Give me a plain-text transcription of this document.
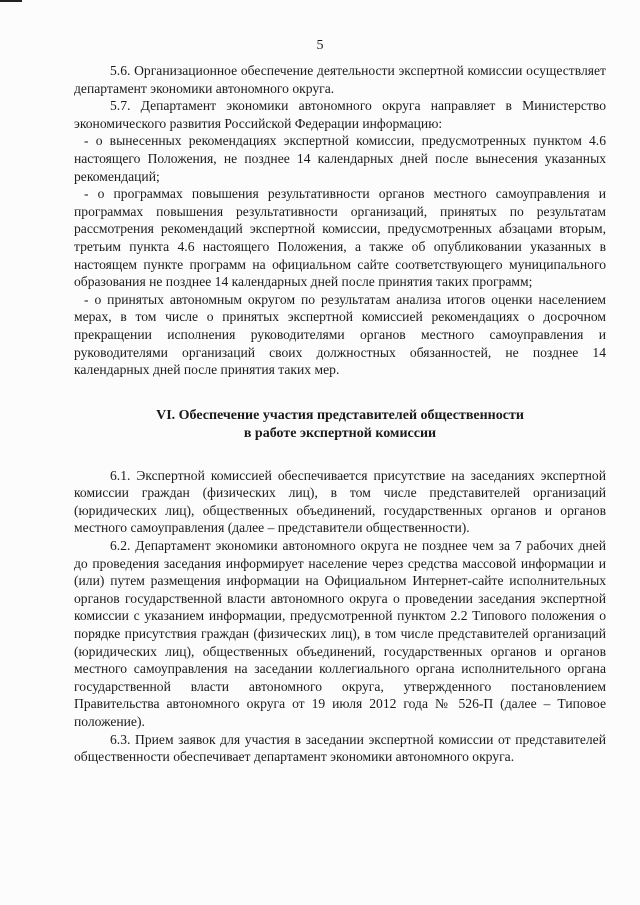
5

5.6. Организационное обеспечение деятельности экспертной комиссии осуществляет департамент экономики автономного округа.

5.7. Департамент экономики автономного округа направляет в Министерство экономического развития Российской Федерации информацию:

- о вынесенных рекомендациях экспертной комиссии, предусмотренных пунктом 4.6 настоящего Положения, не позднее 14 календарных дней после вынесения указанных рекомендаций;

- о программах повышения результативности органов местного самоуправления и программах повышения результативности организаций, принятых по результатам рассмотрения рекомендаций экспертной комиссии, предусмотренных абзацами вторым, третьим пункта 4.6 настоящего Положения, а также об опубликовании указанных в настоящем пункте программ на официальном сайте соответствующего муниципального образования не позднее 14 календарных дней после принятия таких программ;

- о принятых автономным округом по результатам анализа итогов оценки населением мерах, в том числе о принятых экспертной комиссией рекомендациях о досрочном прекращении исполнения руководителями органов местного самоуправления и руководителями организаций своих должностных обязанностей, не позднее 14 календарных дней после принятия таких мер.

VI. Обеспечение участия представителей общественности
в работе экспертной комиссии

6.1. Экспертной комиссией обеспечивается присутствие на заседаниях экспертной комиссии граждан (физических лиц), в том числе представителей организаций (юридических лиц), общественных объединений, государственных органов и органов местного самоуправления (далее – представители общественности).

6.2. Департамент экономики автономного округа не позднее чем за 7 рабочих дней до проведения заседания информирует население через средства массовой информации и (или) путем размещения информации на Официальном Интернет-сайте исполнительных органов государственной власти автономного округа о проведении заседания экспертной комиссии с указанием информации, предусмотренной пунктом 2.2 Типового положения о порядке присутствия граждан (физических лиц), в том числе представителей организаций (юридических лиц), общественных объединений, государственных органов и органов местного самоуправления на заседании коллегиального органа исполнительного органа государственной власти автономного округа, утвержденного постановлением Правительства автономного округа от 19 июля 2012 года № 526-П (далее – Типовое положение).

6.3. Прием заявок для участия в заседании экспертной комиссии от представителей общественности обеспечивает департамент экономики автономного округа.
